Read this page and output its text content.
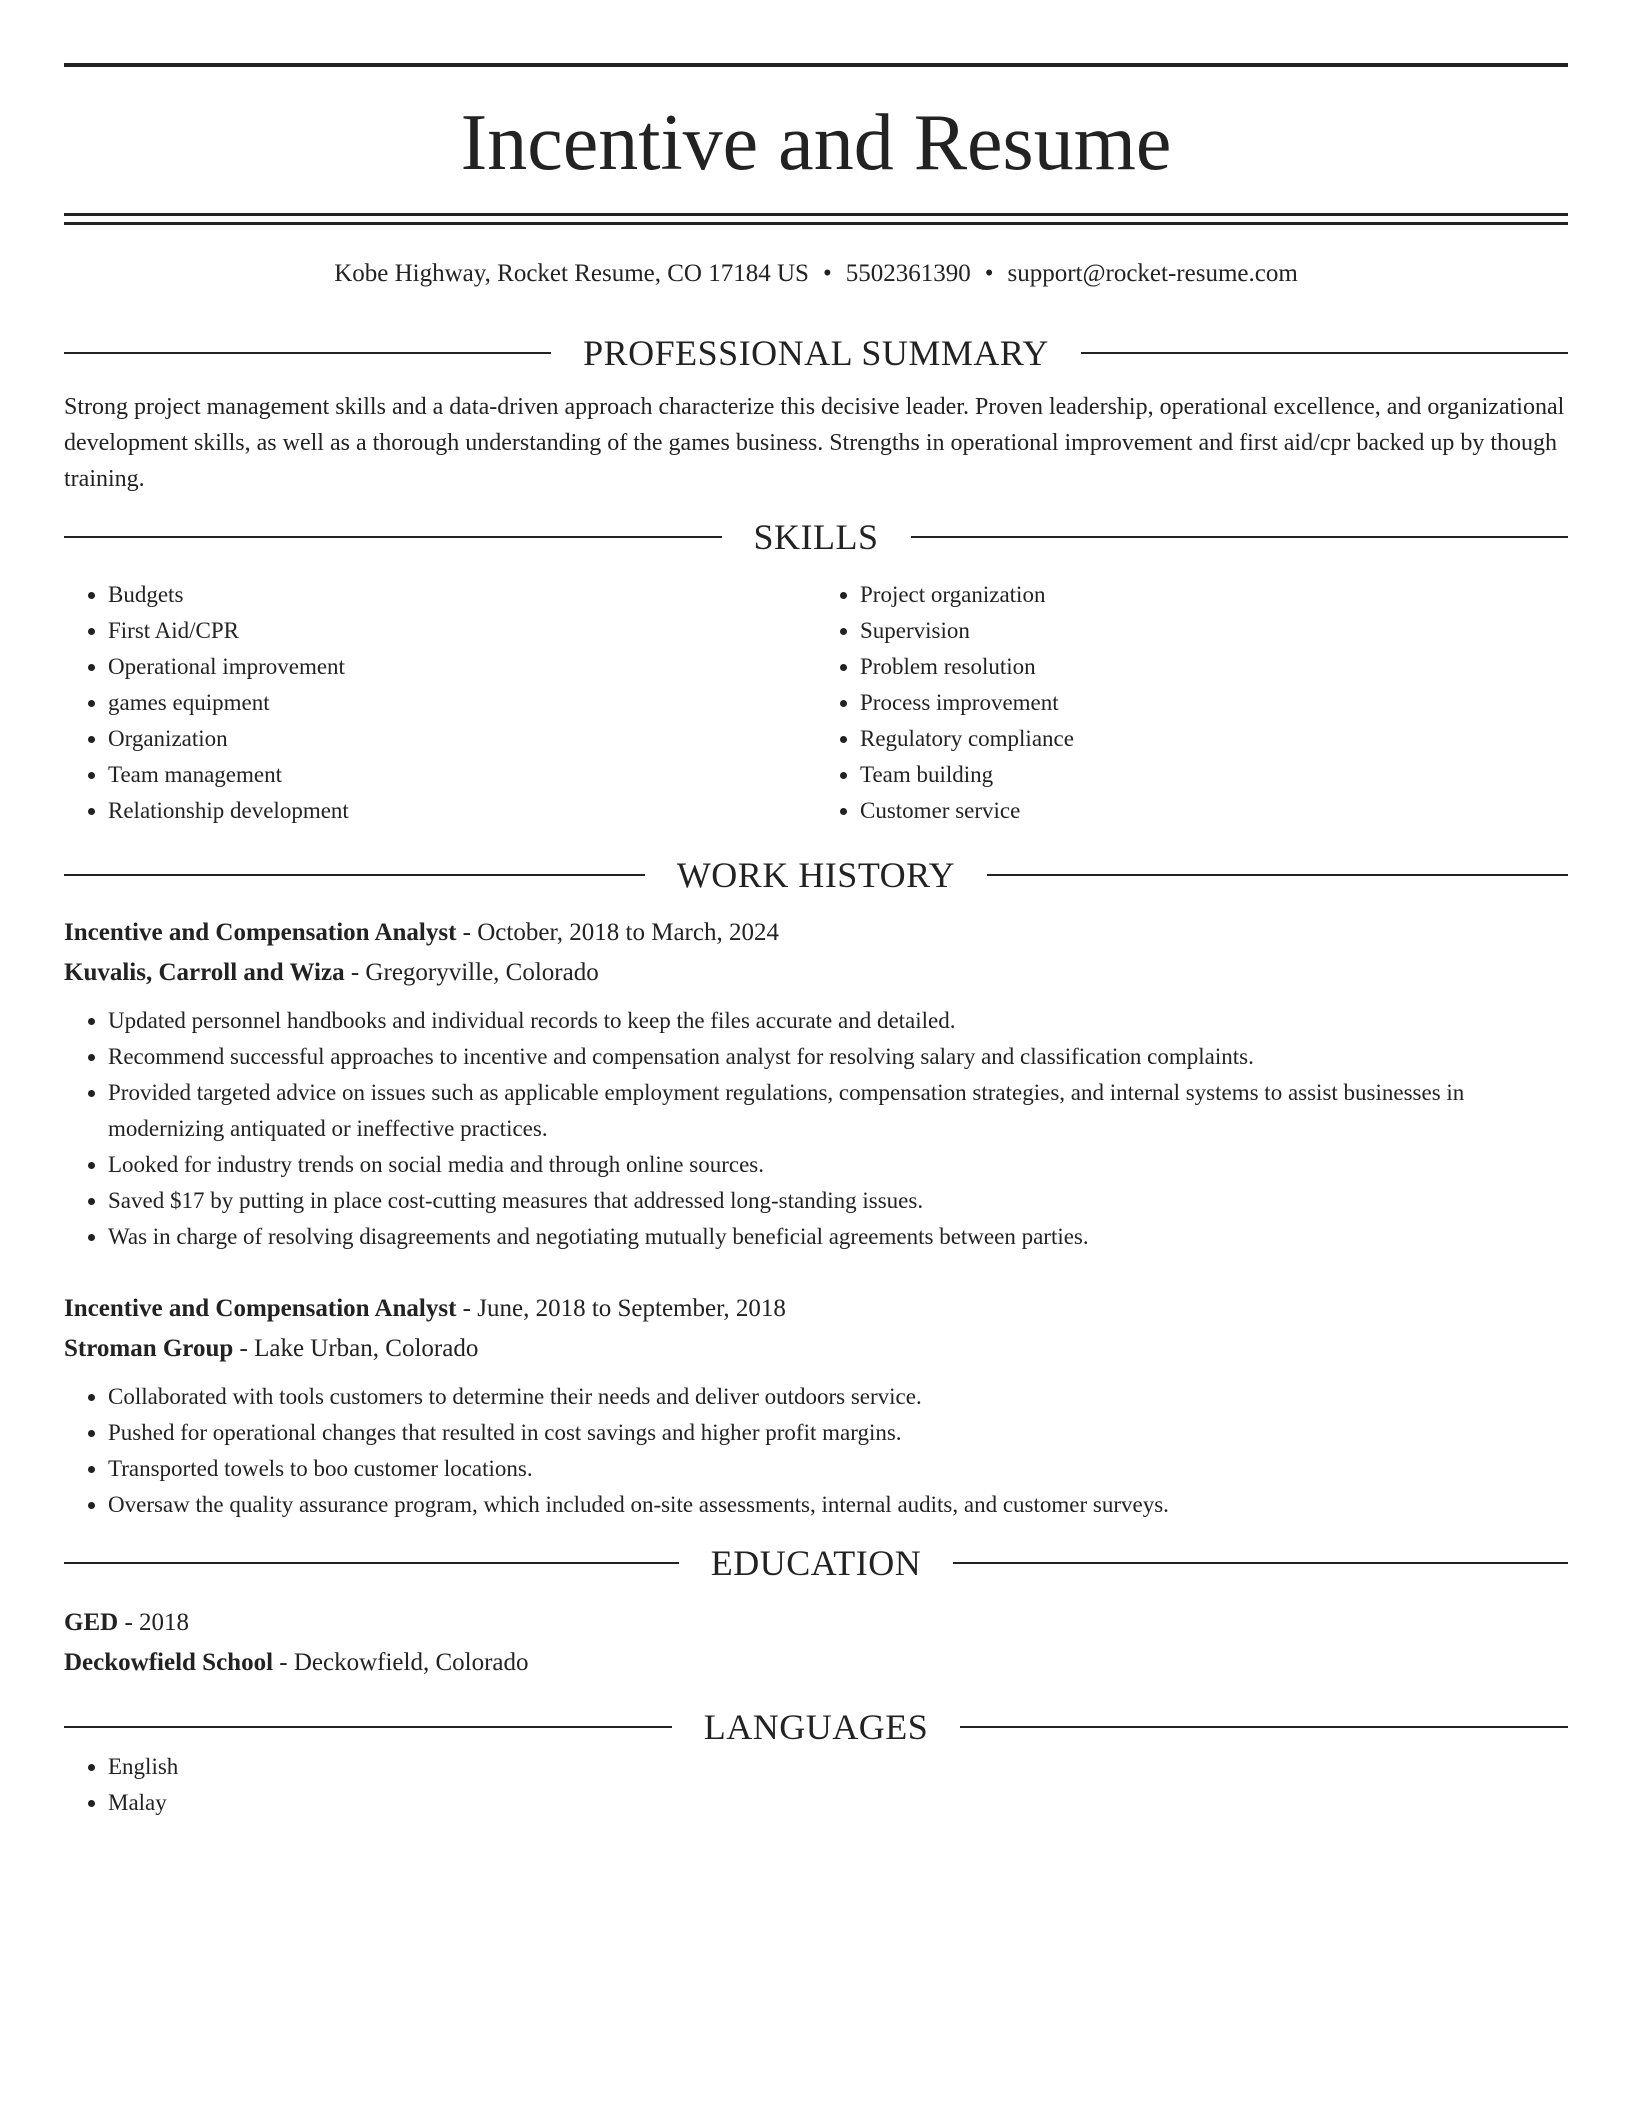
Incentive and Resume
Kobe Highway, Rocket Resume, CO 17184 US • 5502361390 • support@rocket-resume.com
PROFESSIONAL SUMMARY

Strong project management skills and a data-driven approach characterize this decisive leader. Proven leadership, operational excellence, and organizational development skills, as well as a thorough understanding of the games business. Strengths in operational improvement and first aid/cpr backed up by though training.

SKILLS
• Budgets
• First Aid/CPR
• Operational improvement
• games equipment
• Organization
• Team management
• Relationship development
• Project organization
• Supervision
• Problem resolution
• Process improvement
• Regulatory compliance
• Team building
• Customer service
WORK HISTORY
Incentive and Compensation Analyst - October, 2018 to March, 2024
Kuvalis, Carroll and Wiza - Gregoryville, Colorado
• Updated personnel handbooks and individual records to keep the files accurate and detailed.
• Recommend successful approaches to incentive and compensation analyst for resolving salary and classification complaints.
• Provided targeted advice on issues such as applicable employment regulations, compensation strategies, and internal systems to assist businesses in modernizing antiquated or ineffective practices.
• Looked for industry trends on social media and through online sources.
• Saved $17 by putting in place cost-cutting measures that addressed long-standing issues.
• Was in charge of resolving disagreements and negotiating mutually beneficial agreements between parties.
Incentive and Compensation Analyst - June, 2018 to September, 2018
Stroman Group - Lake Urban, Colorado
• Collaborated with tools customers to determine their needs and deliver outdoors service.
• Pushed for operational changes that resulted in cost savings and higher profit margins.
• Transported towels to boo customer locations.
• Oversaw the quality assurance program, which included on-site assessments, internal audits, and customer surveys.
EDUCATION
GED - 2018
Deckowfield School - Deckowfield, Colorado
LANGUAGES
• English
• Malay
